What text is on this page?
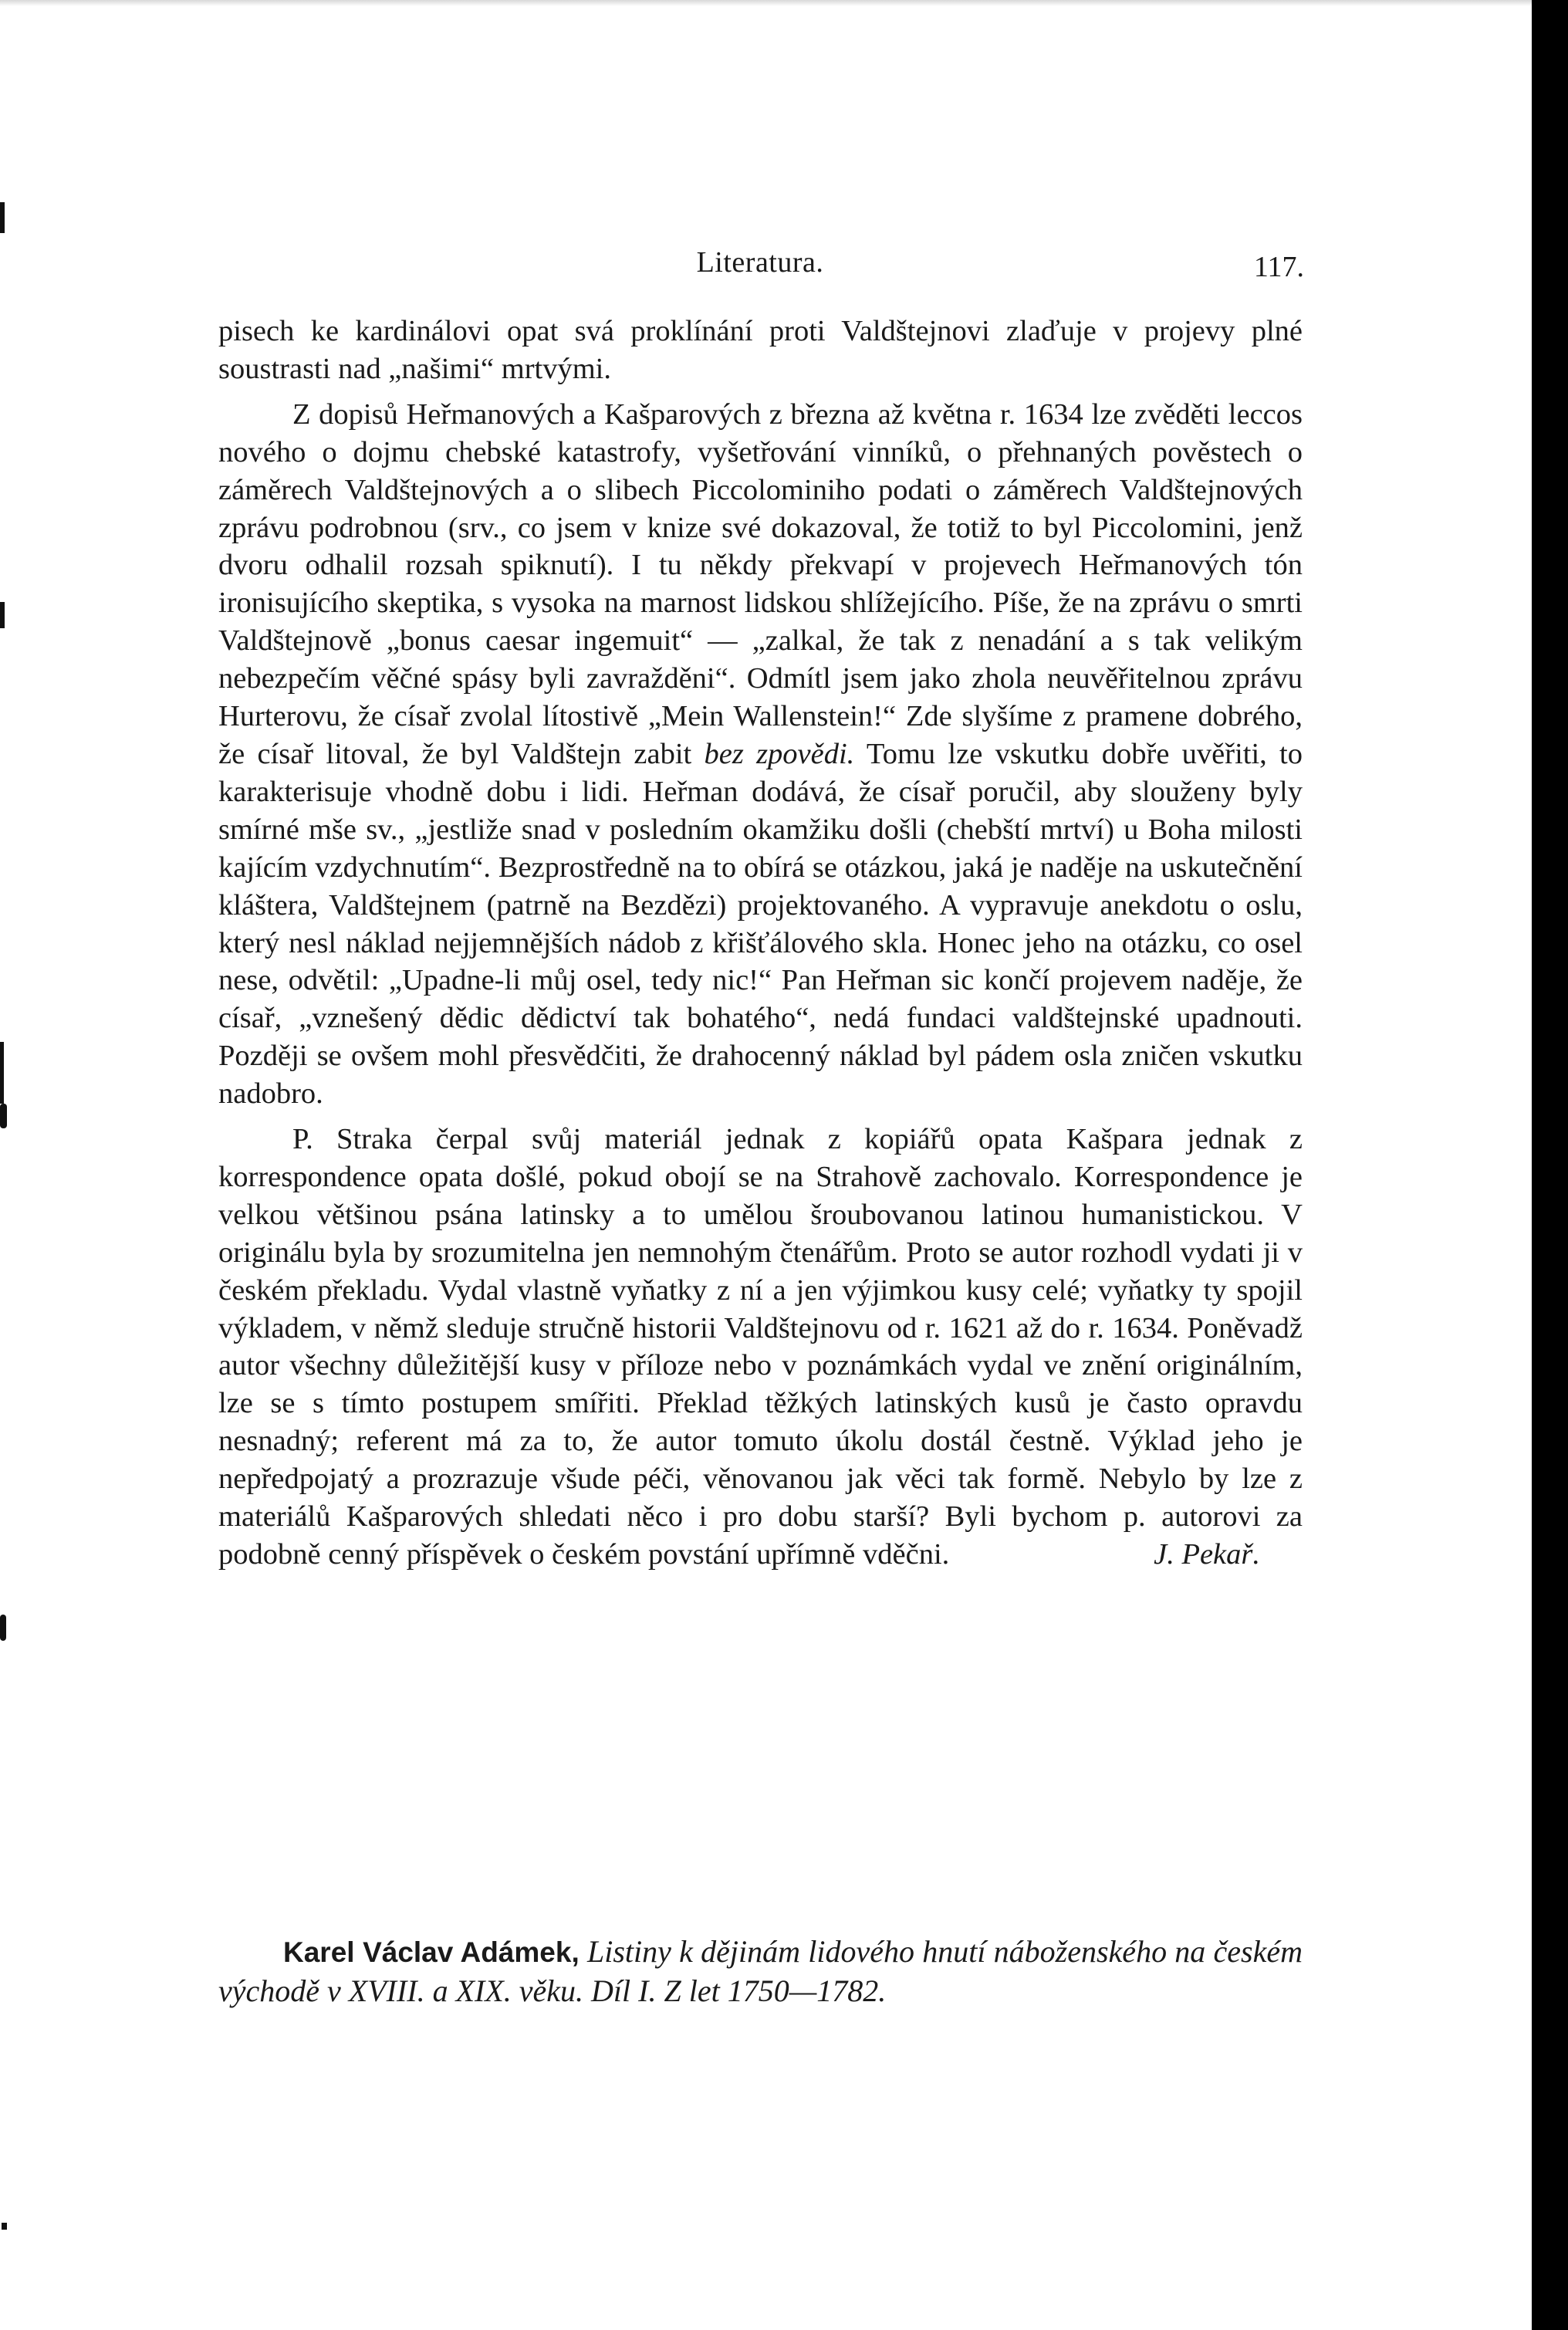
Literatura.	117.

pisech ke kardinálovi opat svá proklínání proti Valdštejnovi zlaďuje v projevy plné soustrasti nad „našimi“ mrtvými.

Z dopisů Heřmanových a Kašparových z března až května r. 1634 lze zvěděti leccos nového o dojmu chebské katastrofy, vyšetřování vinníků, o přehnaných pověstech o záměrech Valdštejnových a o slibech Piccolominiho podati o záměrech Valdštejnových zprávu podrobnou (srv., co jsem v knize své dokazoval, že totiž to byl Piccolomini, jenž dvoru odhalil rozsah spiknutí). I tu někdy překvapí v projevech Heřmanových tón ironisujícího skeptika, s vysoka na marnost lidskou shlížejícího. Píše, že na zprávu o smrti Valdštejnově „bonus caesar ingemuit“ — „zalkal, že tak z nenadání a s tak velikým nebezpečím věčné spásy byli zavražděni“. Odmítl jsem jako zhola neuvěřitelnou zprávu Hurterovu, že císař zvolal lítostivě „Mein Wallenstein!“ Zde slyšíme z pramene dobrého, že císař litoval, že byl Valdštejn zabit bez zpovědi. Tomu lze vskutku dobře uvěřiti, to karakterisuje vhodně dobu i lidi. Heřman dodává, že císař poručil, aby slouženy byly smírné mše sv., „jestliže snad v posledním okamžiku došli (chebští mrtví) u Boha milosti kajícím vzdychnutím“. Bezprostředně na to obírá se otázkou, jaká je naděje na uskutečnění kláštera, Valdštejnem (patrně na Bezdězi) projektovaného. A vypravuje anekdotu o oslu, který nesl náklad nejjemnějších nádob z křišťálového skla. Honec jeho na otázku, co osel nese, odvětil: „Upadne-li můj osel, tedy nic!“ Pan Heřman sic končí projevem naděje, že císař, „vznešený dědic dědictví tak bohatého“, nedá fundaci valdštejnské upadnouti. Později se ovšem mohl přesvědčiti, že drahocenný náklad byl pádem osla zničen vskutku nadobro.

P. Straka čerpal svůj materiál jednak z kopiářů opata Kašpara jednak z korrespondence opata došlé, pokud obojí se na Strahově zachovalo. Korrespondence je velkou většinou psána latinsky a to umělou šroubovanou latinou humanistickou. V originálu byla by srozumitelna jen nemnohým čtenářům. Proto se autor rozhodl vydati ji v českém překladu. Vydal vlastně vyňatky z ní a jen výjimkou kusy celé; vyňatky ty spojil výkladem, v němž sleduje stručně historii Valdštejnovu od r. 1621 až do r. 1634. Poněvadž autor všechny důležitější kusy v příloze nebo v poznámkách vydal ve znění originálním, lze se s tímto postupem smířiti. Překlad těžkých latinských kusů je často opravdu nesnadný; referent má za to, že autor tomuto úkolu dostál čestně. Výklad jeho je nepředpojatý a prozrazuje všude péči, věnovanou jak věci tak formě. Nebylo by lze z materiálů Kašparových shledati něco i pro dobu starší? Byli bychom p. autorovi za podobně cenný příspěvek o českém povstání upřímně vděčni.	J. Pekař.

Karel Václav Adámek, Listiny k dějinám lidového hnutí náboženského na českém východě v XVIII. a XIX. věku. Díl I. Z let 1750—1782.
